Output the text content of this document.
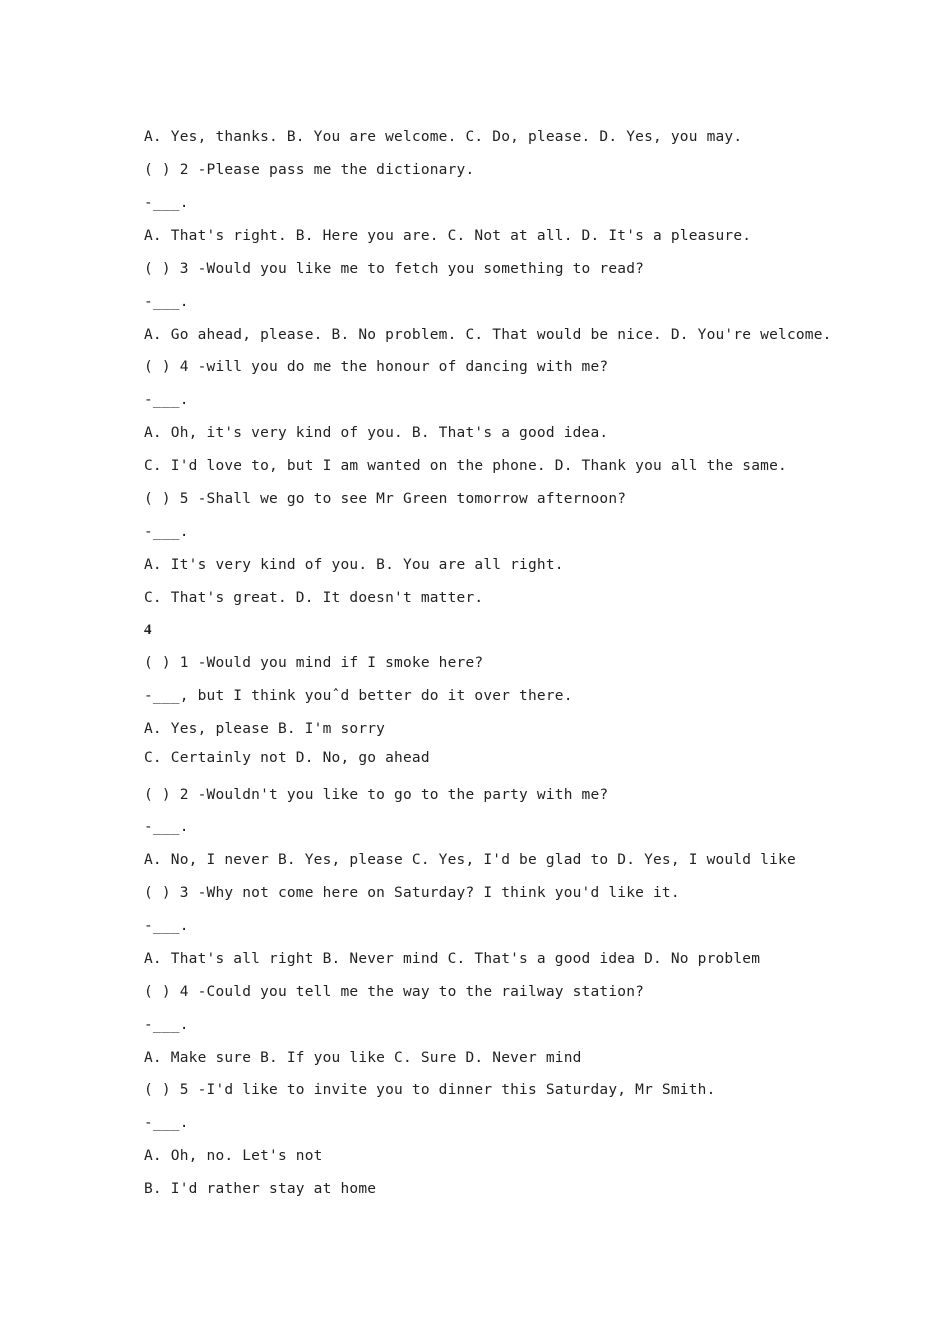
A. Yes, thanks. B. You are welcome. C. Do, please. D. Yes, you may.
( ) 2 -Please pass me the dictionary.
-___.
A. That's right. B. Here you are. C. Not at all. D. It's a pleasure.
( ) 3 -Would you like me to fetch you something to read?
-___.
A. Go ahead, please. B. No problem. C. That would be nice. D. You're welcome.
( ) 4 -will you do me the honour of dancing with me?
-___.
A. Oh, it's very kind of you. B. That's a good idea.
C. I'd love to, but I am wanted on the phone. D. Thank you all the same.
( ) 5 -Shall we go to see Mr Green tomorrow afternoon?
-___.
A. It's very kind of you. B. You are all right.
C. That's great. D. It doesn't matter.
4
( ) 1 -Would you mind if I smoke here?
-___, but I think youˆd better do it over there.
A. Yes, please B. I'm sorry
C. Certainly not D. No, go ahead
( ) 2 -Wouldn't you like to go to the party with me?
-___.
A. No, I never B. Yes, please C. Yes, I'd be glad to D. Yes, I would like
( ) 3 -Why not come here on Saturday? I think you'd like it.
-___.
A. That's all right B. Never mind C. That's a good idea D. No problem
( ) 4 -Could you tell me the way to the railway station?
-___.
A. Make sure B. If you like C. Sure D. Never mind
( ) 5 -I'd like to invite you to dinner this Saturday, Mr Smith.
-___.
A. Oh, no. Let's not
B. I'd rather stay at home
